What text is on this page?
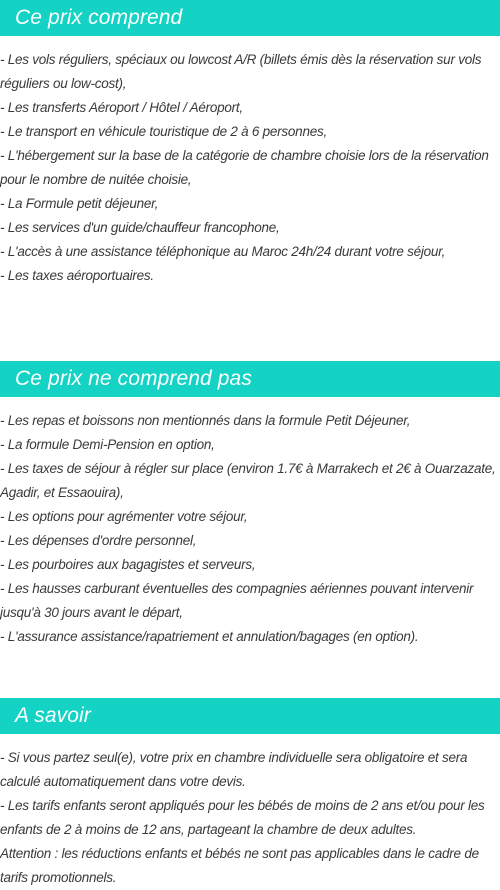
Ce prix comprend
- Les vols réguliers, spéciaux ou lowcost A/R (billets émis dès la réservation sur vols réguliers ou low-cost),
- Les transferts Aéroport / Hôtel / Aéroport,
- Le transport en véhicule touristique de 2 à 6 personnes,
- L'hébergement sur la base de la catégorie de chambre choisie lors de la réservation pour le nombre de nuitée choisie,
- La Formule petit déjeuner,
- Les services d'un guide/chauffeur francophone,
- L'accès à une assistance téléphonique au Maroc 24h/24 durant votre séjour,
- Les taxes aéroportuaires.
Ce prix ne comprend pas
- Les repas et boissons non mentionnés dans la formule Petit Déjeuner,
- La formule Demi-Pension en option,
- Les taxes de séjour à régler sur place (environ 1.7€ à Marrakech et 2€ à Ouarzazate, Agadir, et Essaouira),
- Les options pour agrémenter votre séjour,
- Les dépenses d'ordre personnel,
- Les pourboires aux bagagistes et serveurs,
- Les hausses carburant éventuelles des compagnies aériennes pouvant intervenir jusqu'à 30 jours avant le départ,
- L'assurance assistance/rapatriement et annulation/bagages (en option).
A savoir
- Si vous partez seul(e), votre prix en chambre individuelle sera obligatoire et sera calculé automatiquement dans votre devis.
- Les tarifs enfants seront appliqués pour les bébés de moins de 2 ans et/ou pour les enfants de 2 à moins de 12 ans, partageant la chambre de deux adultes.
Attention : les réductions enfants et bébés ne sont pas applicables dans le cadre de tarifs promotionnels.
